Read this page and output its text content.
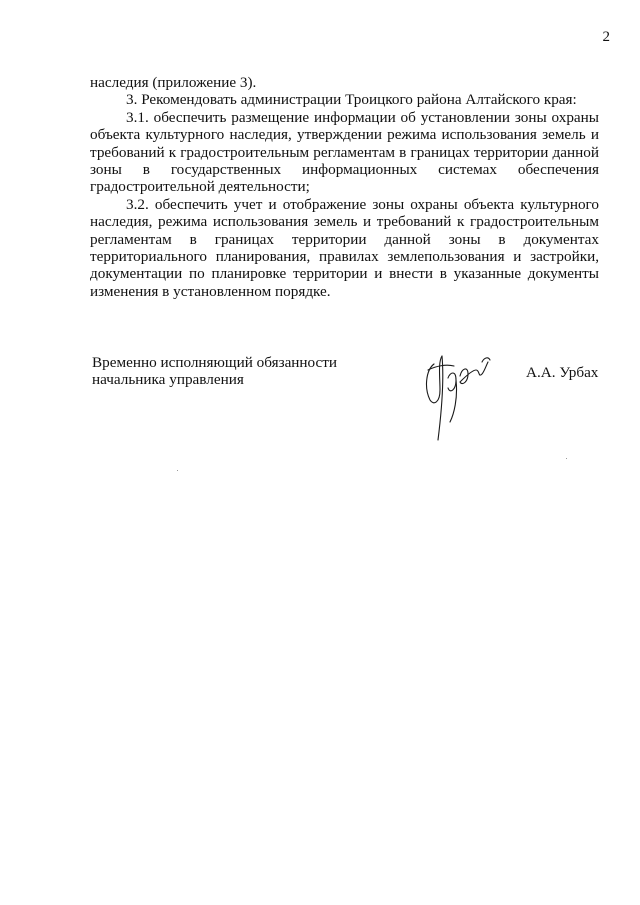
2

наследия (приложение 3).

3. Рекомендовать администрации Троицкого района Алтайского края:

3.1. обеспечить размещение информации об установлении зоны охраны объекта культурного наследия, утверждении режима использования земель и требований к градостроительным регламентам в границах территории данной зоны в государственных информационных системах обеспечения градостроительной деятельности;

3.2. обеспечить учет и отображение зоны охраны объекта культурного наследия, режима использования земель и требований к градостроительным регламентам в границах территории данной зоны в документах территориального планирования, правилах землепользования и застройки, документации по планировке территории и внести в указанные документы изменения в установленном порядке.

Временно исполняющий обязанности
начальника управления	А.А. Урбах
